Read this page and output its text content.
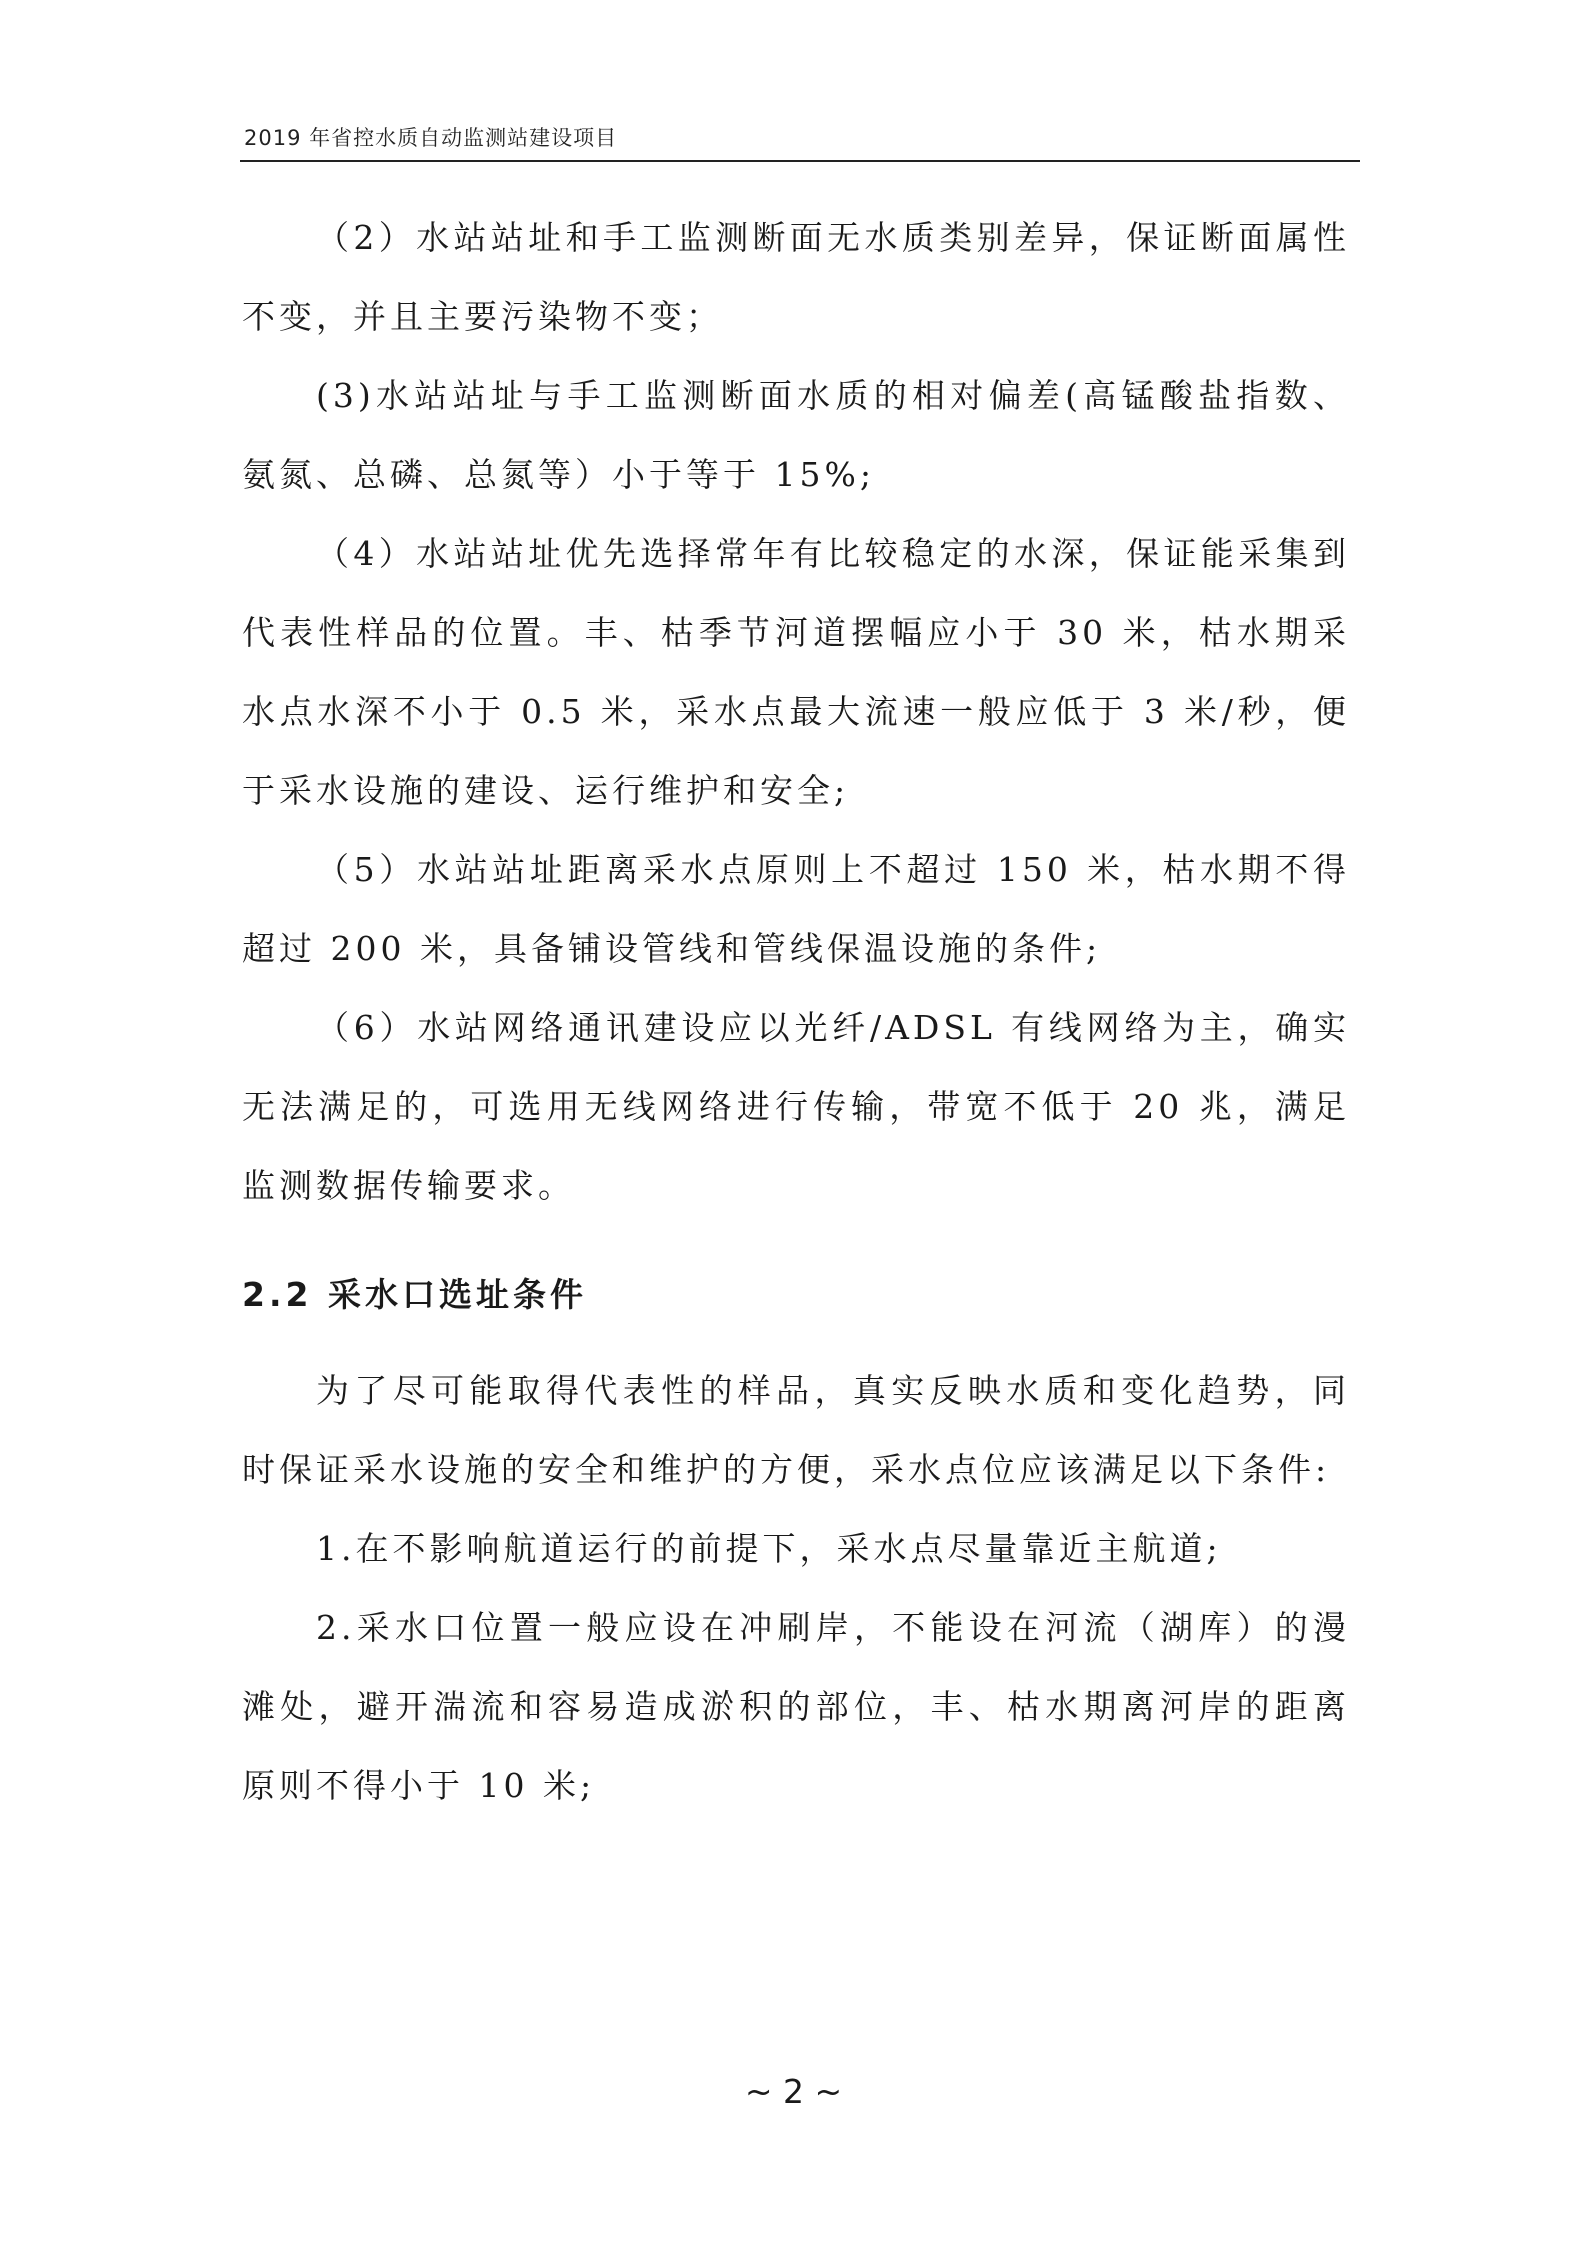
2019 年省控水质自动监测站建设项目

（2）水站站址和手工监测断面无水质类别差异，保证断面属性不变，并且主要污染物不变；

(3)水站站址与手工监测断面水质的相对偏差(高锰酸盐指数、氨氮、总磷、总氮等）小于等于 15%;

（4）水站站址优先选择常年有比较稳定的水深，保证能采集到代表性样品的位置。丰、枯季节河道摆幅应小于 30 米，枯水期采水点水深不小于 0.5 米，采水点最大流速一般应低于 3 米/秒，便于采水设施的建设、运行维护和安全;

（5）水站站址距离采水点原则上不超过 150 米，枯水期不得超过 200 米，具备铺设管线和管线保温设施的条件;

（6）水站网络通讯建设应以光纤/ADSL 有线网络为主，确实无法满足的，可选用无线网络进行传输，带宽不低于 20 兆，满足监测数据传输要求。

2.2 采水口选址条件

为了尽可能取得代表性的样品，真实反映水质和变化趋势，同时保证采水设施的安全和维护的方便，采水点位应该满足以下条件:

1.在不影响航道运行的前提下，采水点尽量靠近主航道;

2.采水口位置一般应设在冲刷岸，不能设在河流（湖库）的漫滩处，避开湍流和容易造成淤积的部位，丰、枯水期离河岸的距离原则不得小于 10 米;

~ 2 ~
